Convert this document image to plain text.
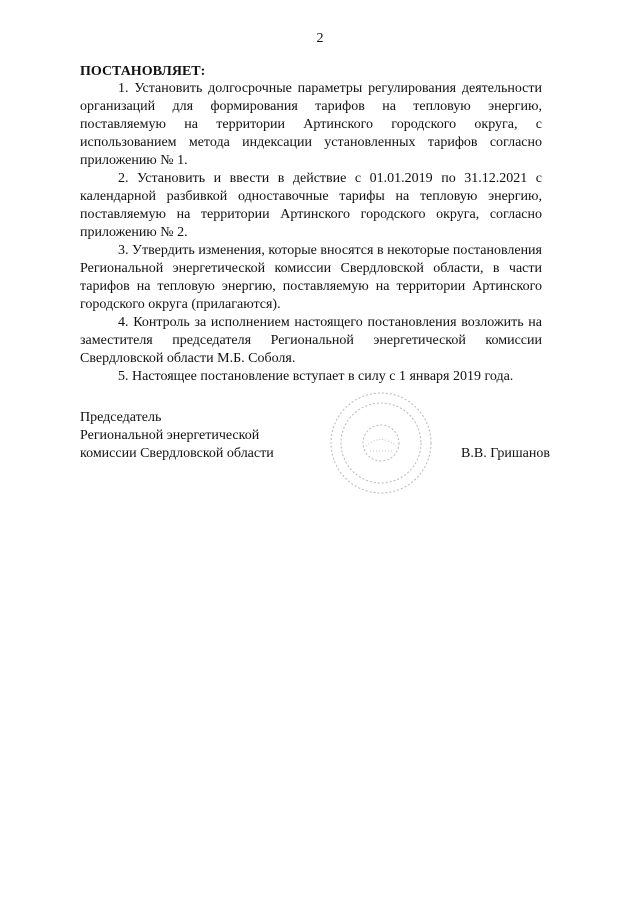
2
ПОСТАНОВЛЯЕТ:

1. Установить долгосрочные параметры регулирования деятельности организаций для формирования тарифов на тепловую энергию, поставляемую на территории Артинского городского округа, с использованием метода индексации установленных тарифов согласно приложению № 1.

2. Установить и ввести в действие с 01.01.2019 по 31.12.2021 с календарной разбивкой одноставочные тарифы на тепловую энергию, поставляемую на территории Артинского городского округа, согласно приложению № 2.

3. Утвердить изменения, которые вносятся в некоторые постановления Региональной энергетической комиссии Свердловской области, в части тарифов на тепловую энергию, поставляемую на территории Артинского городского округа (прилагаются).

4. Контроль за исполнением настоящего постановления возложить на заместителя председателя Региональной энергетической комиссии Свердловской области М.Б. Соболя.

5. Настоящее постановление вступает в силу с 1 января 2019 года.

Председатель
Региональной энергетической
комиссии Свердловской области	В.В. Гришанов
